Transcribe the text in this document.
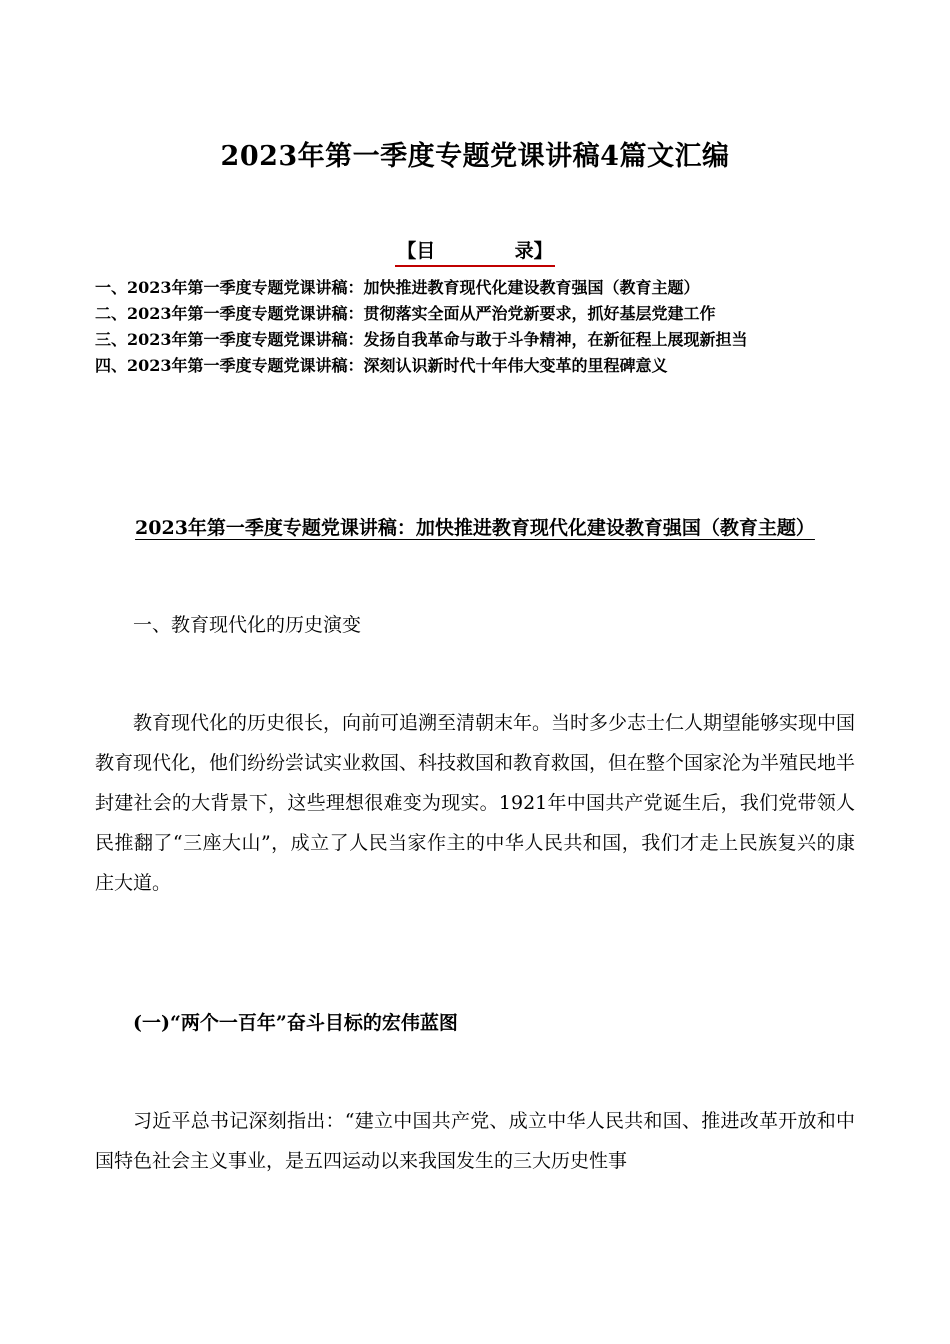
2023年第一季度专题党课讲稿4篇文汇编
【目            录】
一、2023年第一季度专题党课讲稿：加快推进教育现代化建设教育强国（教育主题）
二、2023年第一季度专题党课讲稿：贯彻落实全面从严治党新要求，抓好基层党建工作
三、2023年第一季度专题党课讲稿：发扬自我革命与敢于斗争精神，在新征程上展现新担当
四、2023年第一季度专题党课讲稿：深刻认识新时代十年伟大变革的里程碑意义
2023年第一季度专题党课讲稿：加快推进教育现代化建设教育强国（教育主题）
一、教育现代化的历史演变

教育现代化的历史很长，向前可追溯至清朝末年。当时多少志士仁人期望能够实现中国教育现代化，他们纷纷尝试实业救国、科技救国和教育救国，但在整个国家沦为半殖民地半封建社会的大背景下，这些理想很难变为现实。1921年中国共产党诞生后，我们党带领人民推翻了“三座大山”，成立了人民当家作主的中华人民共和国，我们才走上民族复兴的康庄大道。

(一)“两个一百年”奋斗目标的宏伟蓝图

习近平总书记深刻指出：“建立中国共产党、成立中华人民共和国、推进改革开放和中国特色社会主义事业，是五四运动以来我国发生的三大历史性事
